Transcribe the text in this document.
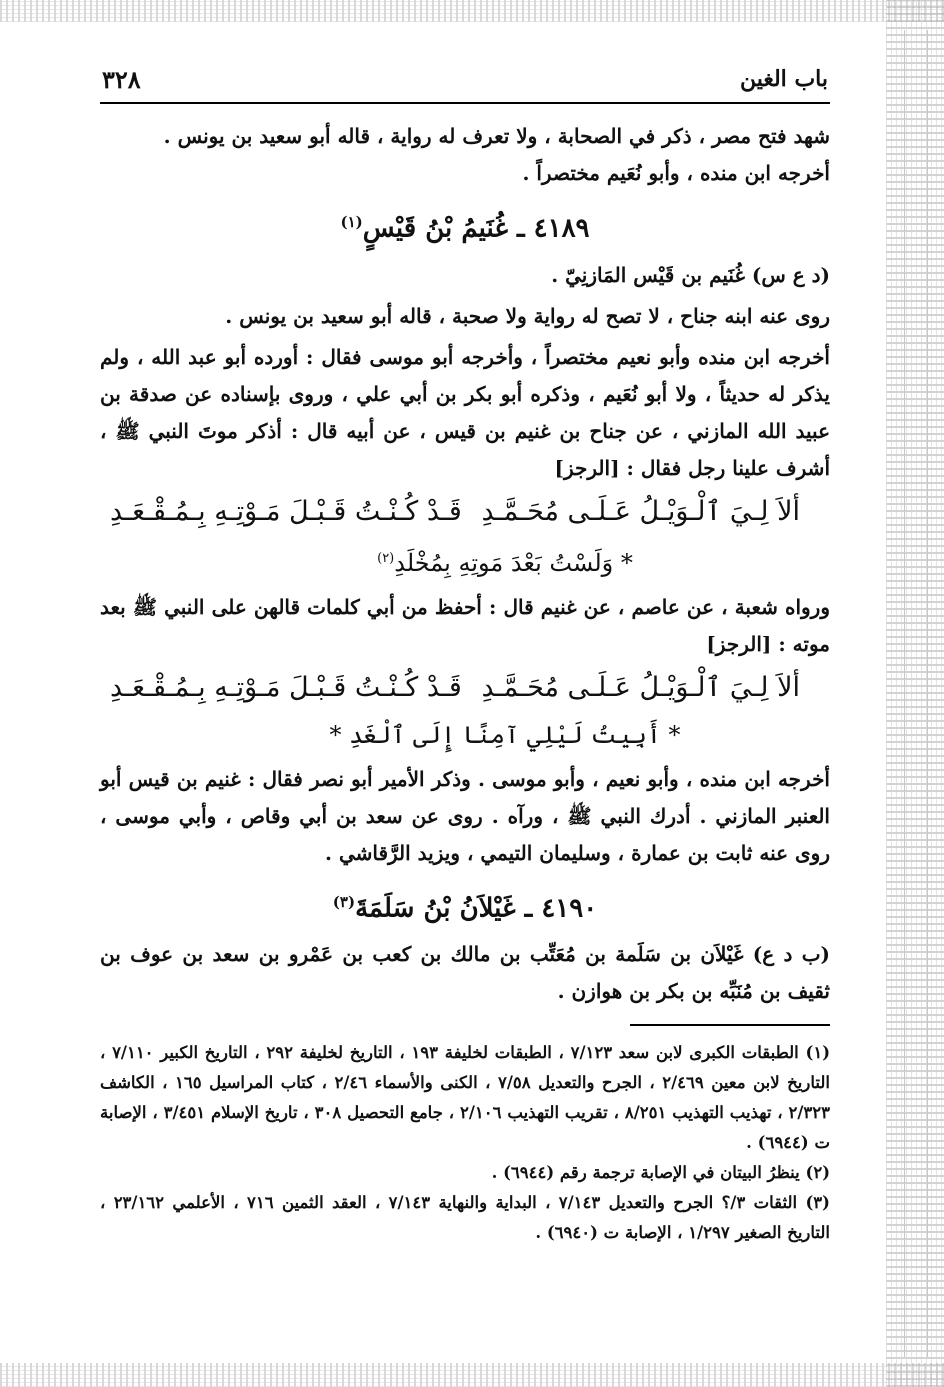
باب الغين
٣٢٨

شهد فتح مصر ، ذكر في الصحابة ، ولا تعرف له رواية ، قاله أبو سعيد بن يونس .

أخرجه ابن منده ، وأبو نُعَيم مختصراً .

٤١٨٩ ـ غُنَيمُ بْنُ قَيْسٍ$^{(١)}$

(د ع س) غُنَيم بن قَيْس المَازنِيّ .

روى عنه ابنه جناح ، لا تصح له رواية ولا صحبة ، قاله أبو سعيد بن يونس .

أخرجه ابن منده وأبو نعيم مختصراً ، وأخرجه أبو موسى فقال : أورده أبو عبد الله ، ولم يذكر له حديثاً ، ولا أبو نُعَيم ، وذكره أبو بكر بن أبي علي ، وروى بإسناده عن صدقة بن عبيد الله المازني ، عن جناح بن غنيم بن قيس ، عن أبيه قال : أذكر موتَ النبي ﷺ ، أشرف علينا رجل فقال : [الرجز]

ألاَ لِـيَ ٱلْـوَيْـلُ عَـلَـى مُحَـمَّـدِ
قَـدْ كُـنْـتُ قَـبْـلَ مَـوْتِـهِ بِـمُـقْـعَـدِ
* وَلَسْتُ بَعْدَ مَوتِهِ بِمُخْلَدِ$^{(٢)}$

ورواه شعبة ، عن عاصم ، عن غنيم قال : أحفظ من أبي كلمات قالهن على النبي ﷺ بعد موته : [الرجز]

ألاَ لِـيَ ٱلْـوَيْـلُ عَـلَـى مُحَـمَّـدِ
قَـدْ كُـنْـتُ قَـبْـلَ مَـوْتِـهِ بِـمُـقْـعَـدِ
* أَبِيتُ لَيْلِي آمِنًا إِلَى ٱلْغَدِ *

أخرجه ابن منده ، وأبو نعيم ، وأبو موسى . وذكر الأمير أبو نصر فقال : غنيم بن قيس أبو العنبر المازني . أدرك النبي ﷺ ، ورآه . روى عن سعد بن أبي وقاص ، وأبي موسى ، روى عنه ثابت بن عمارة ، وسليمان التيمي ، ويزيد الرَّقاشي .

٤١٩٠ ـ غَيْلاَنُ بْنُ سَلَمَةَ$^{(٣)}$

(ب د ع) غَيْلاَن بن سَلَمة بن مُعَتِّب بن مالك بن كعب بن عَمْرو بن سعد بن عوف بن ثقيف بن مُنَبِّه بن بكر بن هوازن .

(١) الطبقات الكبرى لابن سعد ٧/١٢٣ ، الطبقات لخليفة ١٩٣ ، التاريخ لخليفة ٢٩٢ ، التاريخ الكبير ٧/١١٠ ، التاريخ لابن معين ٢/٤٦٩ ، الجرح والتعديل ٧/٥٨ ، الكنى والأسماء ٢/٤٦ ، كتاب المراسيل ١٦٥ ، الكاشف ٢/٣٢٣ ، تهذيب التهذيب ٨/٢٥١ ، تقريب التهذيب ٢/١٠٦ ، جامع التحصيل ٣٠٨ ، تاريخ الإسلام ٣/٤٥١ ، الإصابة ت (٦٩٤٤) .

(٢) ينظرُ البيتان في الإصابة ترجمة رقم (٦٩٤٤) .

(٣) الثقات ٣/؟ الجرح والتعديل ٧/١٤٣ ، البداية والنهاية ٧/١٤٣ ، العقد الثمين ٧١٦ ، الأعلمي ٢٣/١٦٢ ، التاريخ الصغير ١/٢٩٧ ، الإصابة ت (٦٩٤٠) .
